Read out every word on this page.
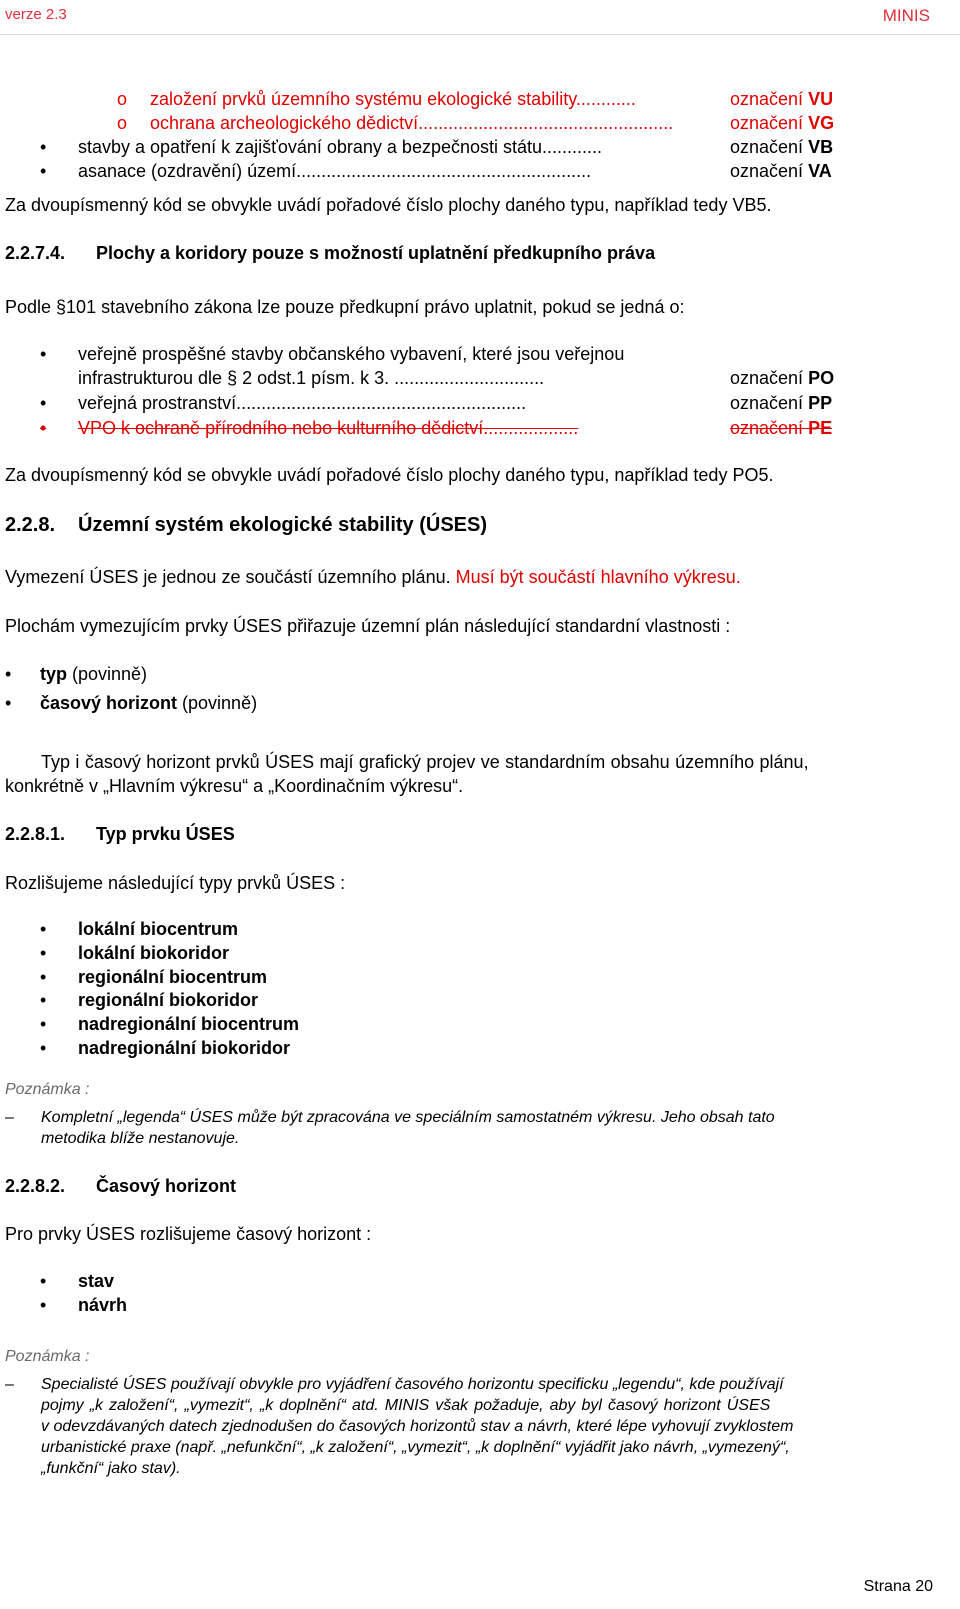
verze 2.3	MINIS
o založení prvků územního systému ekologické stability............	označení VU
o ochrana archeologického dědictví...................................................	označení VG
• stavby a opatření k zajišťování obrany a bezpečnosti státu............	označení VB
• asanace (ozdravění) území...........................................................	označení VA
Za dvoupísmenný kód se obvykle uvádí pořadové číslo plochy daného typu, například tedy VB5.
2.2.7.4. Plochy a koridory pouze s možností uplatnění předkupního práva
Podle §101 stavebního zákona lze pouze předkupní právo uplatnit, pokud se jedná o:
• veřejně prospěšné stavby občanského vybavení, které jsou veřejnou
infrastrukturou dle § 2 odst.1 písm. k 3. ..............................	označení PO
• veřejná prostranství..........................................................	označení PP
• VPO k ochraně přírodního nebo kulturního dědictví...................	označení PE
Za dvoupísmenný kód se obvykle uvádí pořadové číslo plochy daného typu, například tedy PO5.
2.2.8. Územní systém ekologické stability (ÚSES)
Vymezení ÚSES je jednou ze součástí územního plánu. Musí být součástí hlavního výkresu.
Plochám vymezujícím prvky ÚSES přiřazuje územní plán následující standardní vlastnosti :
• typ (povinně)
• časový horizont (povinně)
Typ i časový horizont prvků ÚSES mají grafický projev ve standardním obsahu územního plánu,
konkrétně v „Hlavním výkresu“ a „Koordinačním výkresu“.
2.2.8.1. Typ prvku ÚSES
Rozlišujeme následující typy prvků ÚSES :
• lokální biocentrum
• lokální biokoridor
• regionální biocentrum
• regionální biokoridor
• nadregionální biocentrum
• nadregionální biokoridor
Poznámka :
– Kompletní „legenda“ ÚSES může být zpracována ve speciálním samostatném výkresu. Jeho obsah tato
metodika blíže nestanovuje.
2.2.8.2. Časový horizont
Pro prvky ÚSES rozlišujeme časový horizont :
• stav
• návrh
Poznámka :
– Specialisté ÚSES používají obvykle pro vyjádření časového horizontu specificku „legendu“, kde používají
pojmy „k založení“, „vymezit“, „k doplnění“ atd. MINIS však požaduje, aby byl časový horizont ÚSES
v odevzdávaných datech zjednodušen do časových horizontů stav a návrh, které lépe vyhovují zvyklostem
urbanistické praxe (např. „nefunkční“, „k založení“, „vymezit“, „k doplnění“ vyjádřit jako návrh, „vymezený“,
„funkční“ jako stav).
Strana 20
